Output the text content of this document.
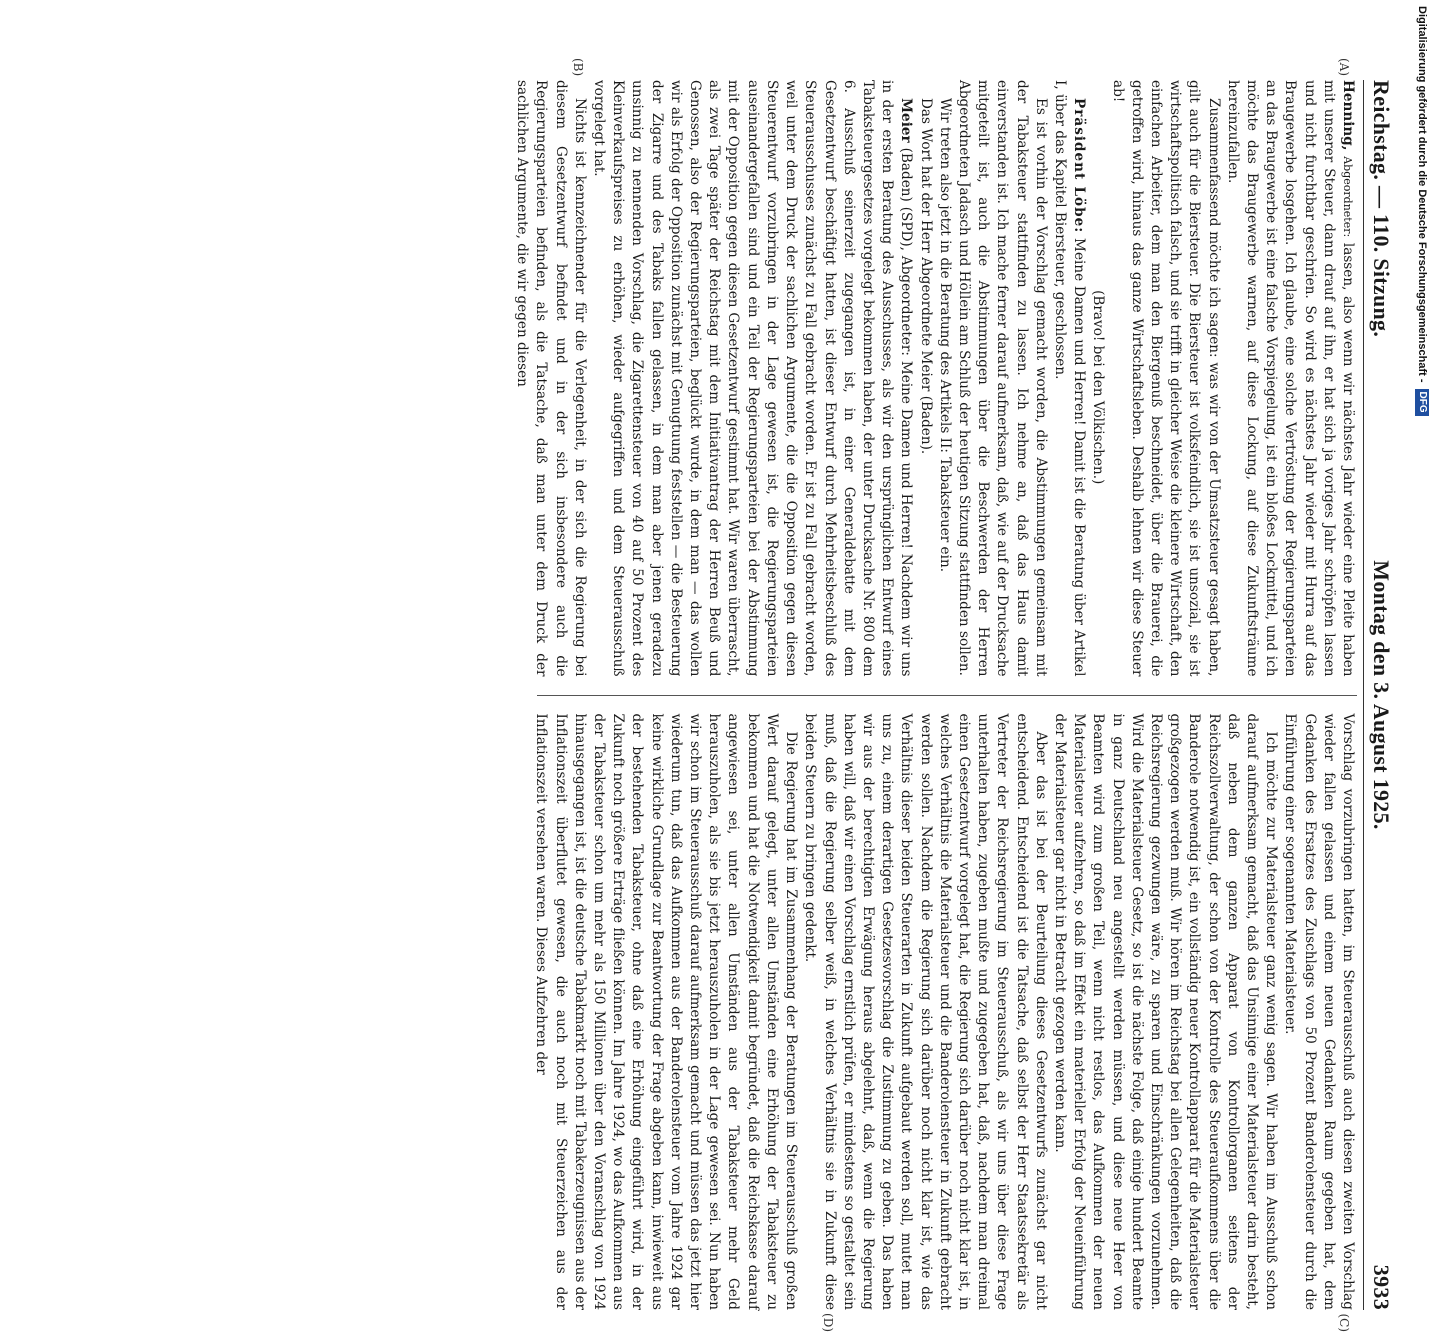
Reichstag. — 110. Sitzung.
Montag den 3. August 1925.
3933
(A)
(B)

Henning, Abgeordneter: lassen, also wenn wir nächstes Jahr wieder eine Pleite haben mit unserer Steuer, dann drauf auf ihn, er hat sich ja voriges Jahr schröpfen lassen und nicht furchtbar geschrien. So wird es nächstes Jahr wieder mit Hurra auf das Braugewerbe losgehen. Ich glaube, eine solche Vertröstung der Regierungsparteien an das Braugewerbe ist eine falsche Vorspiegelung, ist ein bloßes Lockmittel, und ich möchte das Braugewerbe warnen, auf diese Lockung, auf diese Zukunftsträume hereinzufallen.

Zusammenfassend möchte ich sagen: was wir von der Umsatzsteuer gesagt haben, gilt auch für die Biersteuer. Die Biersteuer ist volksfeindlich, sie ist unsozial, sie ist wirtschaftspolitisch falsch, und sie trifft in gleicher Weise die kleinere Wirtschaft, den einfachen Arbeiter, dem man den Biergenuß beschneidet, über die Brauerei, die getroffen wird, hinaus das ganze Wirtschaftsleben. Deshalb lehnen wir diese Steuer ab!

(Bravo! bei den Völkischen.)

Präsident Löbe: Meine Damen und Herren! Damit ist die Beratung über Artikel I, über das Kapitel Biersteuer, geschlossen.

Es ist vorhin der Vorschlag gemacht worden, die Abstimmungen gemeinsam mit der Tabaksteuer stattfinden zu lassen. Ich nehme an, daß das Haus damit einverstanden ist. Ich mache ferner darauf aufmerksam, daß, wie auf der Drucksache mitgeteilt ist, auch die Abstimmungen über die Beschwerden der Herren Abgeordneten Jadasch und Höllein am Schluß der heutigen Sitzung stattfinden sollen.

Wir treten also jetzt in die Beratung des Artikels II: Tabaksteuer ein.

Das Wort hat der Herr Abgeordnete Meier (Baden).

Meier (Baden) (SPD), Abgeordneter: Meine Damen und Herren! Nachdem wir uns in der ersten Beratung des Ausschusses, als wir den ursprünglichen Entwurf eines Tabaksteuergesetzes vorgelegt bekommen haben, der unter Drucksache Nr. 800 dem 6. Ausschuß seinerzeit zugegangen ist, in einer Generaldebatte mit dem Gesetzentwurf beschäftigt hatten, ist dieser Entwurf durch Mehrheitsbeschluß des Steuerausschusses zunächst zu Fall gebracht worden. Er ist zu Fall gebracht worden, weil unter dem Druck der sachlichen Argumente, die die Opposition gegen diesen Steuerentwurf vorzubringen in der Lage gewesen ist, die Regierungsparteien auseinandergefallen sind und ein Teil der Regierungsparteien bei der Abstimmung mit der Opposition gegen diesen Gesetzentwurf gestimmt hat. Wir waren überrascht, als zwei Tage später der Reichstag mit dem Initiativantrag der Herren Beuß und Genossen, also der Regierungsparteien, beglückt wurde, in dem man — das wollen wir als Erfolg der Opposition zunächst mit Genugtuung feststellen — die Besteuerung der Zigarre und des Tabaks fallen gelassen, in dem man aber jenen geradezu unsinnig zu nennenden Vorschlag, die Zigarettensteuer von 40 auf 50 Prozent des Kleinverkaufspreises zu erhöhen, wieder aufgegriffen und dem Steuerausschuß vorgelegt hat.

Nichts ist kennzeichnender für die Verlegenheit, in der sich die Regierung bei diesem Gesetzentwurf befindet und in der sich insbesondere auch die Regierungsparteien befinden, als die Tatsache, daß man unter dem Druck der sachlichen Argumente, die wir gegen diesen

(C)
(D)

Vorschlag vorzubringen hatten, im Steuerausschuß auch diesen zweiten Vorschlag wieder fallen gelassen und einem neuen Gedanken Raum gegeben hat, dem Gedanken des Ersatzes des Zuschlags von 50 Prozent Banderolensteuer durch die Einführung einer sogenannten Materialsteuer.

Ich möchte zur Materialsteuer ganz wenig sagen. Wir haben im Ausschuß schon darauf aufmerksam gemacht, daß das Unsinnige einer Materialsteuer darin besteht, daß neben dem ganzen Apparat von Kontrollorganen seitens der Reichszollverwaltung, der schon von der Kontrolle des Steueraufkommens über die Banderole notwendig ist, ein vollständig neuer Kontrollapparat für die Materialsteuer großgezogen werden muß. Wir hören im Reichstag bei allen Gelegenheiten, daß die Reichsregierung gezwungen wäre, zu sparen und Einschränkungen vorzunehmen. Wird die Materialsteuer Gesetz, so ist die nächste Folge, daß einige hundert Beamte in ganz Deutschland neu angestellt werden müssen, und diese neue Heer von Beamten wird zum großen Teil, wenn nicht restlos, das Aufkommen der neuen Materialsteuer aufzehren, so daß im Effekt ein materieller Erfolg der Neueinführung der Materialsteuer gar nicht in Betracht gezogen werden kann.

Aber das ist bei der Beurteilung dieses Gesetzentwurfs zunächst gar nicht entscheidend. Entscheidend ist die Tatsache, daß selbst der Herr Staatssekretär als Vertreter der Reichsregierung im Steuerausschuß, als wir uns über diese Frage unterhalten haben, zugeben mußte und zugegeben hat, daß, nachdem man dreimal einen Gesetzentwurf vorgelegt hat, die Regierung sich darüber noch nicht klar ist, in welches Verhältnis die Materialsteuer und die Banderolensteuer in Zukunft gebracht werden sollen. Nachdem die Regierung sich darüber noch nicht klar ist, wie das Verhältnis dieser beiden Steuerarten in Zukunft aufgebaut werden soll, mutet man uns zu, einem derartigen Gesetzesvorschlag die Zustimmung zu geben. Das haben wir aus der berechtigten Erwägung heraus abgelehnt, daß, wenn die Regierung haben will, daß wir einen Vorschlag ernstlich prüfen, er mindestens so gestaltet sein muß, daß die Regierung selber weiß, in welches Verhältnis sie in Zukunft diese beiden Steuern zu bringen gedenkt.

Die Regierung hat im Zusammenhang der Beratungen im Steuerausschuß großen Wert darauf gelegt, unter allen Umständen eine Erhöhung der Tabaksteuer zu bekommen und hat die Notwendigkeit damit begründet, daß die Reichskasse darauf angewiesen sei, unter allen Umständen aus der Tabaksteuer mehr Geld herauszuholen, als sie bis jetzt herauszuholen in der Lage gewesen sei. Nun haben wir schon im Steuerausschuß darauf aufmerksam gemacht und müssen das jetzt hier wiederum tun, daß das Aufkommen aus der Banderolensteuer vom Jahre 1924 gar keine wirkliche Grundlage zur Beantwortung der Frage abgeben kann, inwieweit aus der bestehenden Tabaksteuer, ohne daß eine Erhöhung eingeführt wird, in der Zukunft noch größere Erträge fließen können. Im Jahre 1924, wo das Aufkommen aus der Tabaksteuer schon um mehr als 150 Millionen über den Voranschlag von 1924 hinausgegangen ist, ist die deutsche Tabakmarkt noch mit Tabakerzeugnissen aus der Inflationszeit überflutet gewesen, die auch noch mit Steuerzeichen aus der Inflationszeit versehen waren. Dieses Aufzehren der

Digitalisierung gefördert durch die Deutsche Forschungsgemeinschaft -
DFG
